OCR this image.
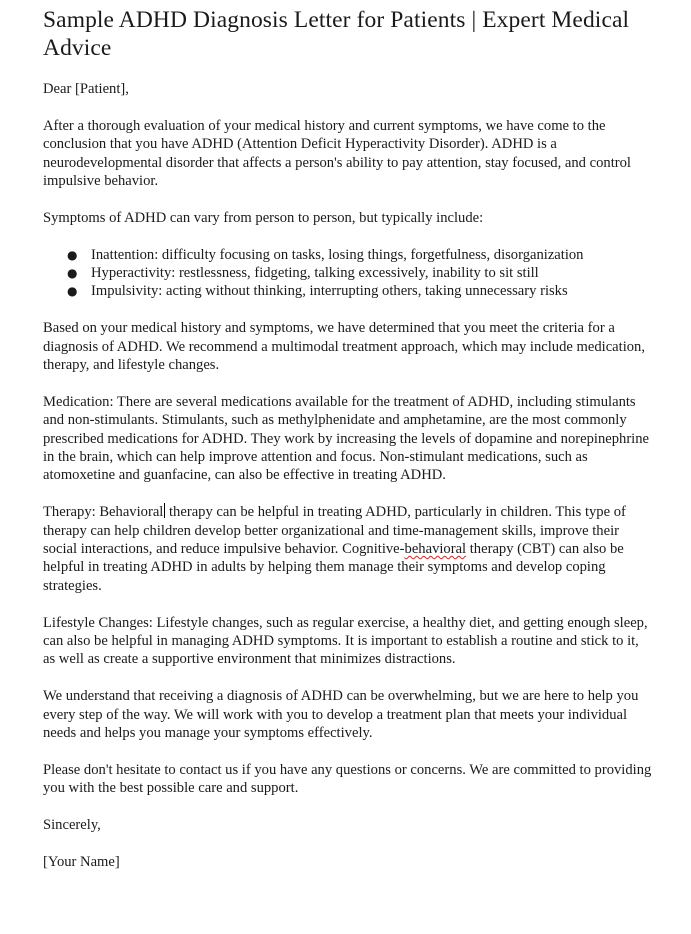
Sample ADHD Diagnosis Letter for Patients | Expert Medical Advice

Dear [Patient],

After a thorough evaluation of your medical history and current symptoms, we have come to the conclusion that you have ADHD (Attention Deficit Hyperactivity Disorder). ADHD is a neurodevelopmental disorder that affects a person's ability to pay attention, stay focused, and control impulsive behavior.

Symptoms of ADHD can vary from person to person, but typically include:

● Inattention: difficulty focusing on tasks, losing things, forgetfulness, disorganization
● Hyperactivity: restlessness, fidgeting, talking excessively, inability to sit still
● Impulsivity: acting without thinking, interrupting others, taking unnecessary risks

Based on your medical history and symptoms, we have determined that you meet the criteria for a diagnosis of ADHD. We recommend a multimodal treatment approach, which may include medication, therapy, and lifestyle changes.

Medication: There are several medications available for the treatment of ADHD, including stimulants and non-stimulants. Stimulants, such as methylphenidate and amphetamine, are the most commonly prescribed medications for ADHD. They work by increasing the levels of dopamine and norepinephrine in the brain, which can help improve attention and focus. Non-stimulant medications, such as atomoxetine and guanfacine, can also be effective in treating ADHD.

Therapy: Behavioral therapy can be helpful in treating ADHD, particularly in children. This type of therapy can help children develop better organizational and time-management skills, improve their social interactions, and reduce impulsive behavior. Cognitive-behavioral therapy (CBT) can also be helpful in treating ADHD in adults by helping them manage their symptoms and develop coping strategies.

Lifestyle Changes: Lifestyle changes, such as regular exercise, a healthy diet, and getting enough sleep, can also be helpful in managing ADHD symptoms. It is important to establish a routine and stick to it, as well as create a supportive environment that minimizes distractions.

We understand that receiving a diagnosis of ADHD can be overwhelming, but we are here to help you every step of the way. We will work with you to develop a treatment plan that meets your individual needs and helps you manage your symptoms effectively.

Please don't hesitate to contact us if you have any questions or concerns. We are committed to providing you with the best possible care and support.

Sincerely,

[Your Name]
